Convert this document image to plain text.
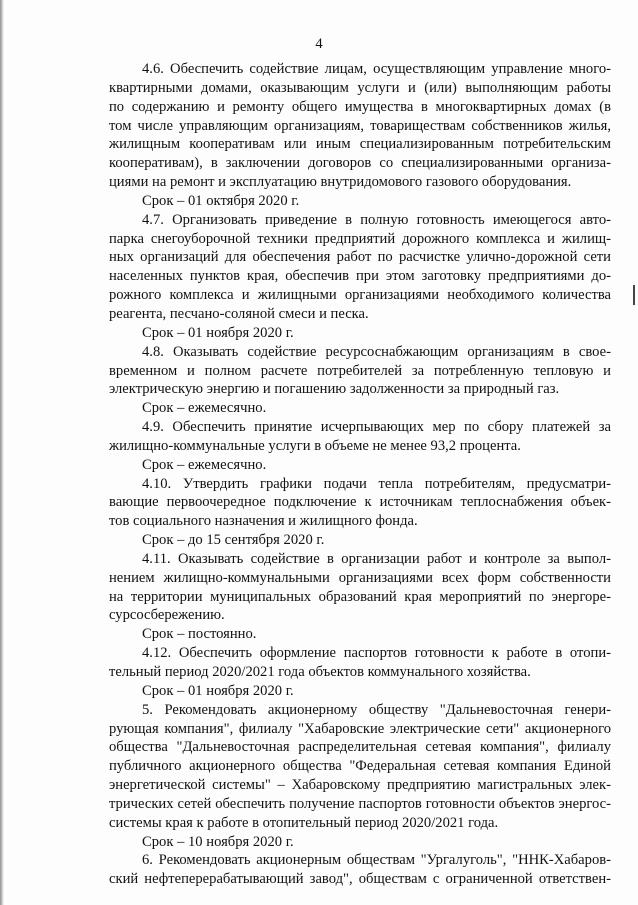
4
4.6. Обеспечить содействие лицам, осуществляющим управление много-
квартирными домами, оказывающим услуги и (или) выполняющим работы
по содержанию и ремонту общего имущества в многоквартирных домах (в
том числе управляющим организациям, товариществам собственников жилья,
жилищным кооперативам или иным специализированным потребительским
кооперативам), в заключении договоров со специализированными организа-
циями на ремонт и эксплуатацию внутридомового газового оборудования.
Срок – 01 октября 2020 г.
4.7. Организовать приведение в полную готовность имеющегося авто-
парка снегоуборочной техники предприятий дорожного комплекса и жилищ-
ных организаций для обеспечения работ по расчистке улично-дорожной сети
населенных пунктов края, обеспечив при этом заготовку предприятиями до-
рожного комплекса и жилищными организациями необходимого количества
реагента, песчано-соляной смеси и песка.
Срок – 01 ноября 2020 г.
4.8. Оказывать содействие ресурсоснабжающим организациям в свое-
временном и полном расчете потребителей за потребленную тепловую и
электрическую энергию и погашению задолженности за природный газ.
Срок – ежемесячно.
4.9. Обеспечить принятие исчерпывающих мер по сбору платежей за
жилищно-коммунальные услуги в объеме не менее 93,2 процента.
Срок – ежемесячно.
4.10. Утвердить графики подачи тепла потребителям, предусматри-
вающие первоочередное подключение к источникам теплоснабжения объек-
тов социального назначения и жилищного фонда.
Срок – до 15 сентября 2020 г.
4.11. Оказывать содействие в организации работ и контроле за выпол-
нением жилищно-коммунальными организациями всех форм собственности
на территории муниципальных образований края мероприятий по энергоре-
сурсосбережению.
Срок – постоянно.
4.12. Обеспечить оформление паспортов готовности к работе в отопи-
тельный период 2020/2021 года объектов коммунального хозяйства.
Срок – 01 ноября 2020 г.
5. Рекомендовать акционерному обществу "Дальневосточная генери-
рующая компания", филиалу "Хабаровские электрические сети" акционерного
общества "Дальневосточная распределительная сетевая компания", филиалу
публичного акционерного общества "Федеральная сетевая компания Единой
энергетической системы" – Хабаровскому предприятию магистральных элек-
трических сетей обеспечить получение паспортов готовности объектов энергос-
системы края к работе в отопительный период 2020/2021 года.
Срок – 10 ноября 2020 г.
6. Рекомендовать акционерным обществам "Ургалуголь", "ННК-Хабаров-
ский нефтеперерабатывающий завод", обществам с ограниченной ответствен-
